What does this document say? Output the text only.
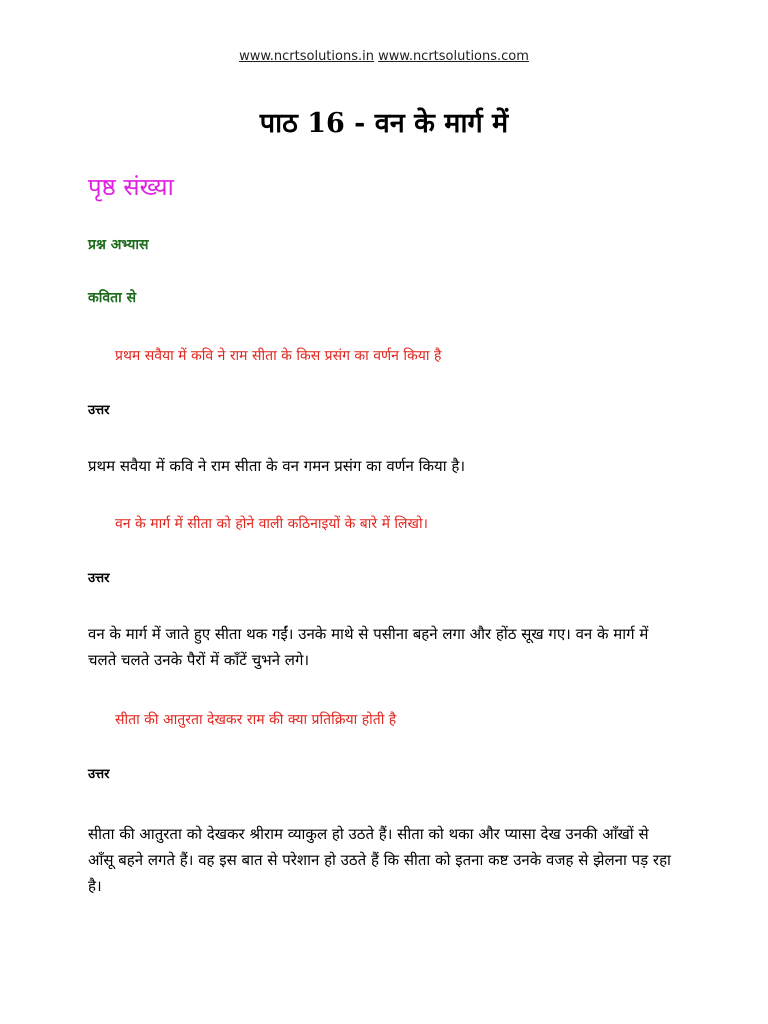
www.ncrtsolutions.in www.ncrtsolutions.com
पाठ 16 - वन के मार्ग में
पृष्ठ संख्या

प्रश्न अभ्यास

कविता से

प्रथम सवैया में कवि ने राम सीता के किस प्रसंग का वर्णन किया है

उत्तर

प्रथम सवैया में कवि ने राम सीता के वन गमन प्रसंग का वर्णन किया है।

वन के मार्ग में सीता को होने वाली कठिनाइयों के बारे में लिखो।

उत्तर

वन के मार्ग में जाते हुए सीता थक गईं। उनके माथे से पसीना बहने लगा और होंठ सूख गए। वन के मार्ग में चलते चलते उनके पैरों में काँटें चुभने लगे।

सीता की आतुरता देखकर राम की क्या प्रतिक्रिया होती है

उत्तर

सीता की आतुरता को देखकर श्रीराम व्याकुल हो उठते हैं। सीता को थका और प्यासा देख उनकी आँखों से आँसू बहने लगते हैं। वह इस बात से परेशान हो उठते हैं कि सीता को इतना कष्ट उनके वजह से झेलना पड़ रहा है।
